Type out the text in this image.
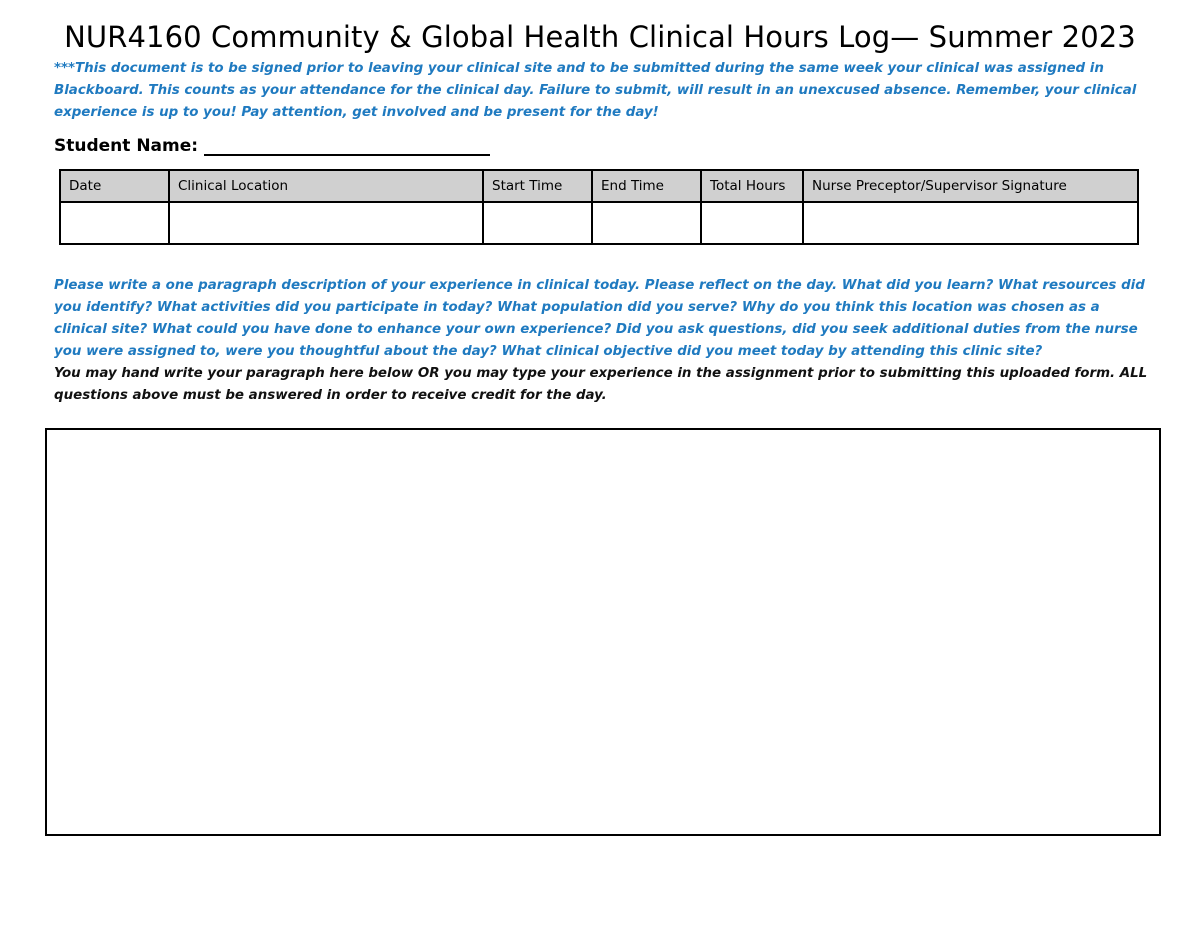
NUR4160 Community & Global Health Clinical Hours Log— Summer 2023
***This document is to be signed prior to leaving your clinical site and to be submitted during the same week your clinical was assigned in Blackboard. This counts as your attendance for the clinical day. Failure to submit, will result in an unexcused absence. Remember, your clinical experience is up to you! Pay attention, get involved and be present for the day!
Student Name:
Date	Clinical Location	Start Time	End Time	Total Hours	Nurse Preceptor/Supervisor Signature

Please write a one paragraph description of your experience in clinical today. Please reflect on the day. What did you learn? What resources did you identify? What activities did you participate in today? What population did you serve? Why do you think this location was chosen as a clinical site? What could you have done to enhance your own experience? Did you ask questions, did you seek additional duties from the nurse you were assigned to, were you thoughtful about the day? What clinical objective did you meet today by attending this clinic site?
You may hand write your paragraph here below OR you may type your experience in the assignment prior to submitting this uploaded form. ALL questions above must be answered in order to receive credit for the day.
